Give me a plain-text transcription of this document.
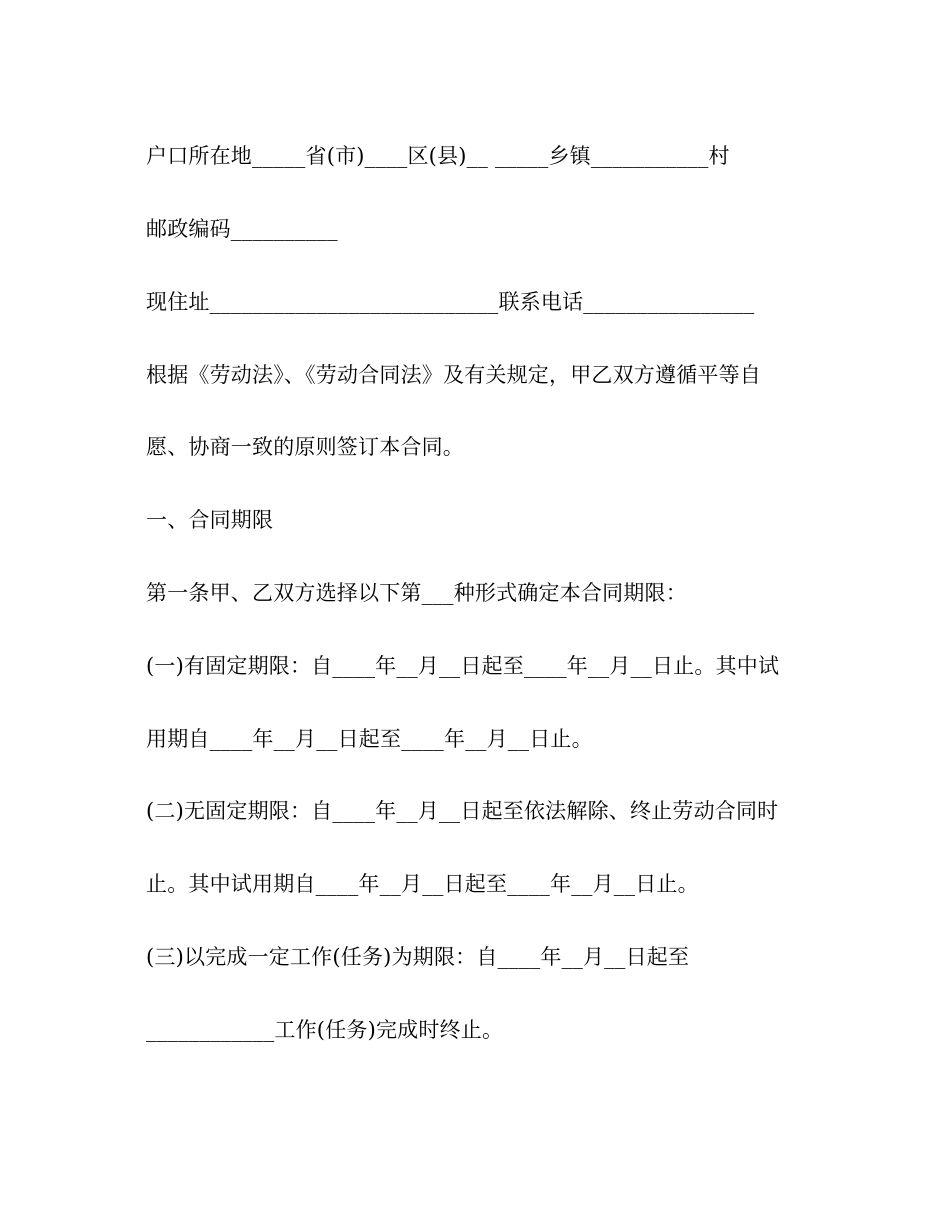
户口所在地_____省(市)____区(县)__ _____乡镇___________村
邮政编码__________
现住址___________________________联系电话________________
根据《劳动法》、《劳动合同法》及有关规定，甲乙双方遵循平等自
愿、协商一致的原则签订本合同。
一、合同期限
第一条甲、乙双方选择以下第___种形式确定本合同期限：
(一)有固定期限：自____年__月__日起至____年__月__日止。其中试
用期自____年__月__日起至____年__月__日止。
(二)无固定期限：自____年__月__日起至依法解除、终止劳动合同时
止。其中试用期自____年__月__日起至____年__月__日止。
(三)以完成一定工作(任务)为期限：自____年__月__日起至
____________工作(任务)完成时终止。
